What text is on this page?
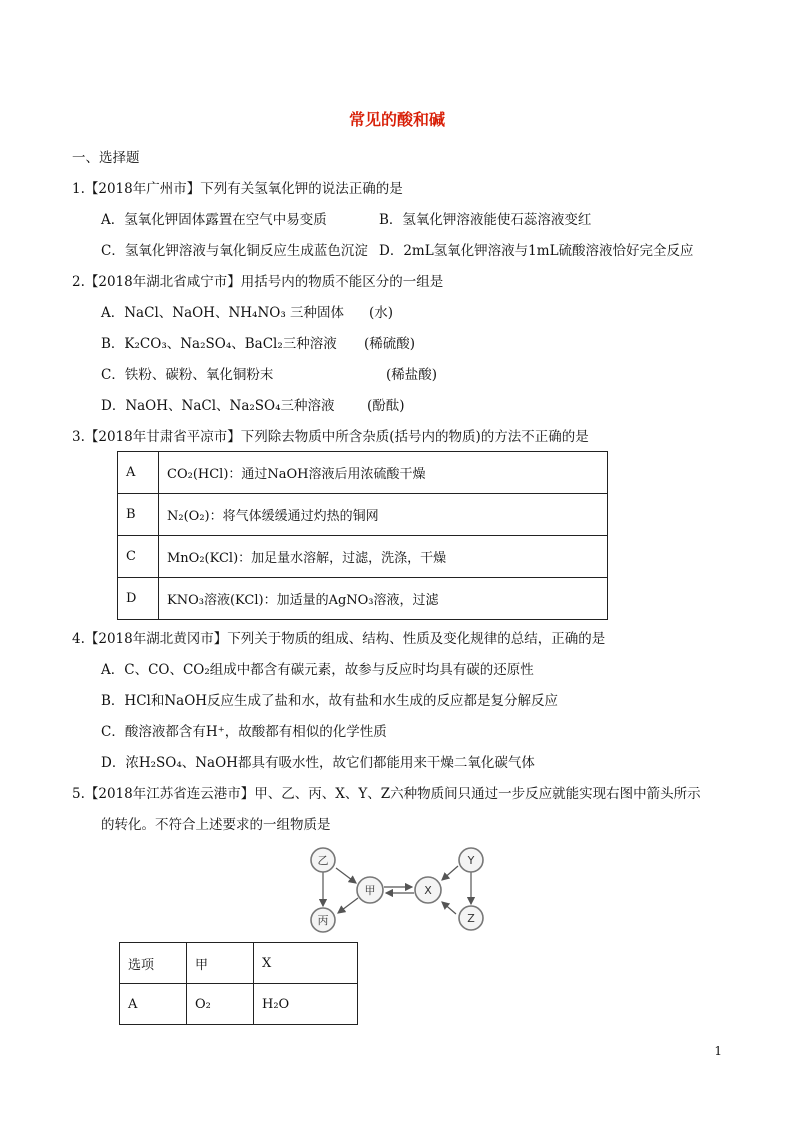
常见的酸和碱
一、选择题
1.【2018年广州市】下列有关氢氧化钾的说法正确的是
A．氢氧化钾固体露置在空气中易变质	B．氢氧化钾溶液能使石蕊溶液变红
C．氢氧化钾溶液与氧化铜反应生成蓝色沉淀 D．2mL氢氧化钾溶液与1mL硫酸溶液恰好完全反应
2.【2018年湖北省咸宁市】用括号内的物质不能区分的一组是
A．NaCl、NaOH、NH₄NO₃ 三种固体 (水)
B．K₂CO₃、Na₂SO₄、BaCl₂三种溶液 (稀硫酸)
C．铁粉、碳粉、氧化铜粉末	(稀盐酸)
D．NaOH、NaCl、Na₂SO₄三种溶液 (酚酞)
3.【2018年甘肃省平凉市】下列除去物质中所含杂质(括号内的物质)的方法不正确的是
A	CO₂(HCl)：通过NaOH溶液后用浓硫酸干燥
B	N₂(O₂)：将气体缓缓通过灼热的铜网
C	MnO₂(KCl)：加足量水溶解，过滤，洗涤，干燥
D	KNO₃溶液(KCl)：加适量的AgNO₃溶液，过滤
4.【2018年湖北黄冈市】下列关于物质的组成、结构、性质及变化规律的总结，正确的是
A．C、CO、CO₂组成中都含有碳元素，故参与反应时均具有碳的还原性
B．HCl和NaOH反应生成了盐和水，故有盐和水生成的反应都是复分解反应
C．酸溶液都含有H⁺，故酸都有相似的化学性质
D．浓H₂SO₄、NaOH都具有吸水性，故它们都能用来干燥二氧化碳气体
5.【2018年江苏省连云港市】甲、乙、丙、X、Y、Z六种物质间只通过一步反应就能实现右图中箭头所示
的转化。不符合上述要求的一组物质是
乙
甲
丙
X
Y
Z
选项	甲	X
A	O₂	H₂O
1
